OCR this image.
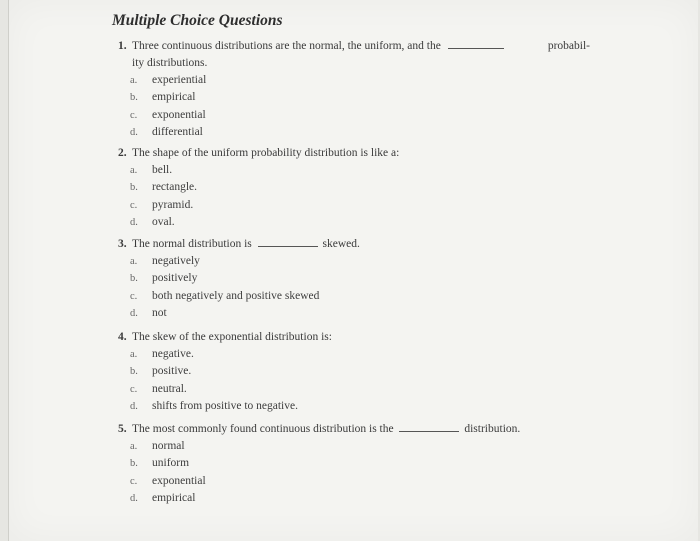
Multiple Choice Questions
1. Three continuous distributions are the normal, the uniform, and the	probabil-
ity distributions.
a. experiential
b. empirical
c. exponential
d. differential
2. The shape of the uniform probability distribution is like a:
a. bell.
b. rectangle.
c. pyramid.
d. oval.
3. The normal distribution is	skewed.
a. negatively
b. positively
c. both negatively and positive skewed
d. not
4. The skew of the exponential distribution is:
a. negative.
b. positive.
c. neutral.
d. shifts from positive to negative.
5. The most commonly found continuous distribution is the	distribution.
a. normal
b. uniform
c. exponential
d. empirical
